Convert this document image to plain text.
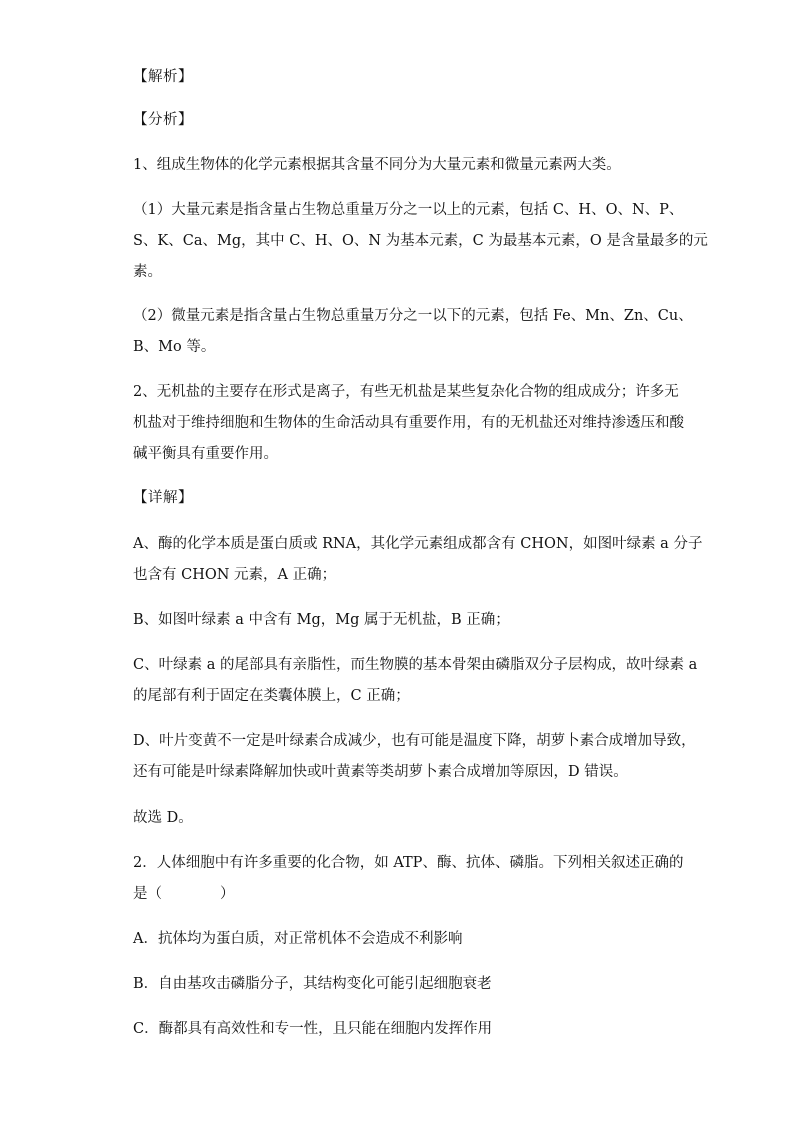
【解析】
【分析】
1、组成生物体的化学元素根据其含量不同分为大量元素和微量元素两大类。
（1）大量元素是指含量占生物总重量万分之一以上的元素，包括 C、H、O、N、P、
S、K、Ca、Mg，其中 C、H、O、N 为基本元素，C 为最基本元素，O 是含量最多的元
素。
（2）微量元素是指含量占生物总重量万分之一以下的元素，包括 Fe、Mn、Zn、Cu、
B、Mo 等。
2、无机盐的主要存在形式是离子，有些无机盐是某些复杂化合物的组成成分；许多无
机盐对于维持细胞和生物体的生命活动具有重要作用，有的无机盐还对维持渗透压和酸
碱平衡具有重要作用。
【详解】
A、酶的化学本质是蛋白质或 RNA，其化学元素组成都含有 CHON，如图叶绿素 a 分子
也含有 CHON 元素，A 正确；
B、如图叶绿素 a 中含有 Mg，Mg 属于无机盐，B 正确；
C、叶绿素 a 的尾部具有亲脂性，而生物膜的基本骨架由磷脂双分子层构成，故叶绿素 a
的尾部有利于固定在类囊体膜上，C 正确；
D、叶片变黄不一定是叶绿素合成减少，也有可能是温度下降，胡萝卜素合成增加导致，
还有可能是叶绿素降解加快或叶黄素等类胡萝卜素合成增加等原因，D 错误。
故选 D。
2．人体细胞中有许多重要的化合物，如 ATP、酶、抗体、磷脂。下列相关叙述正确的
是（　　　　）
A．抗体均为蛋白质，对正常机体不会造成不利影响
B．自由基攻击磷脂分子，其结构变化可能引起细胞衰老
C．酶都具有高效性和专一性，且只能在细胞内发挥作用
